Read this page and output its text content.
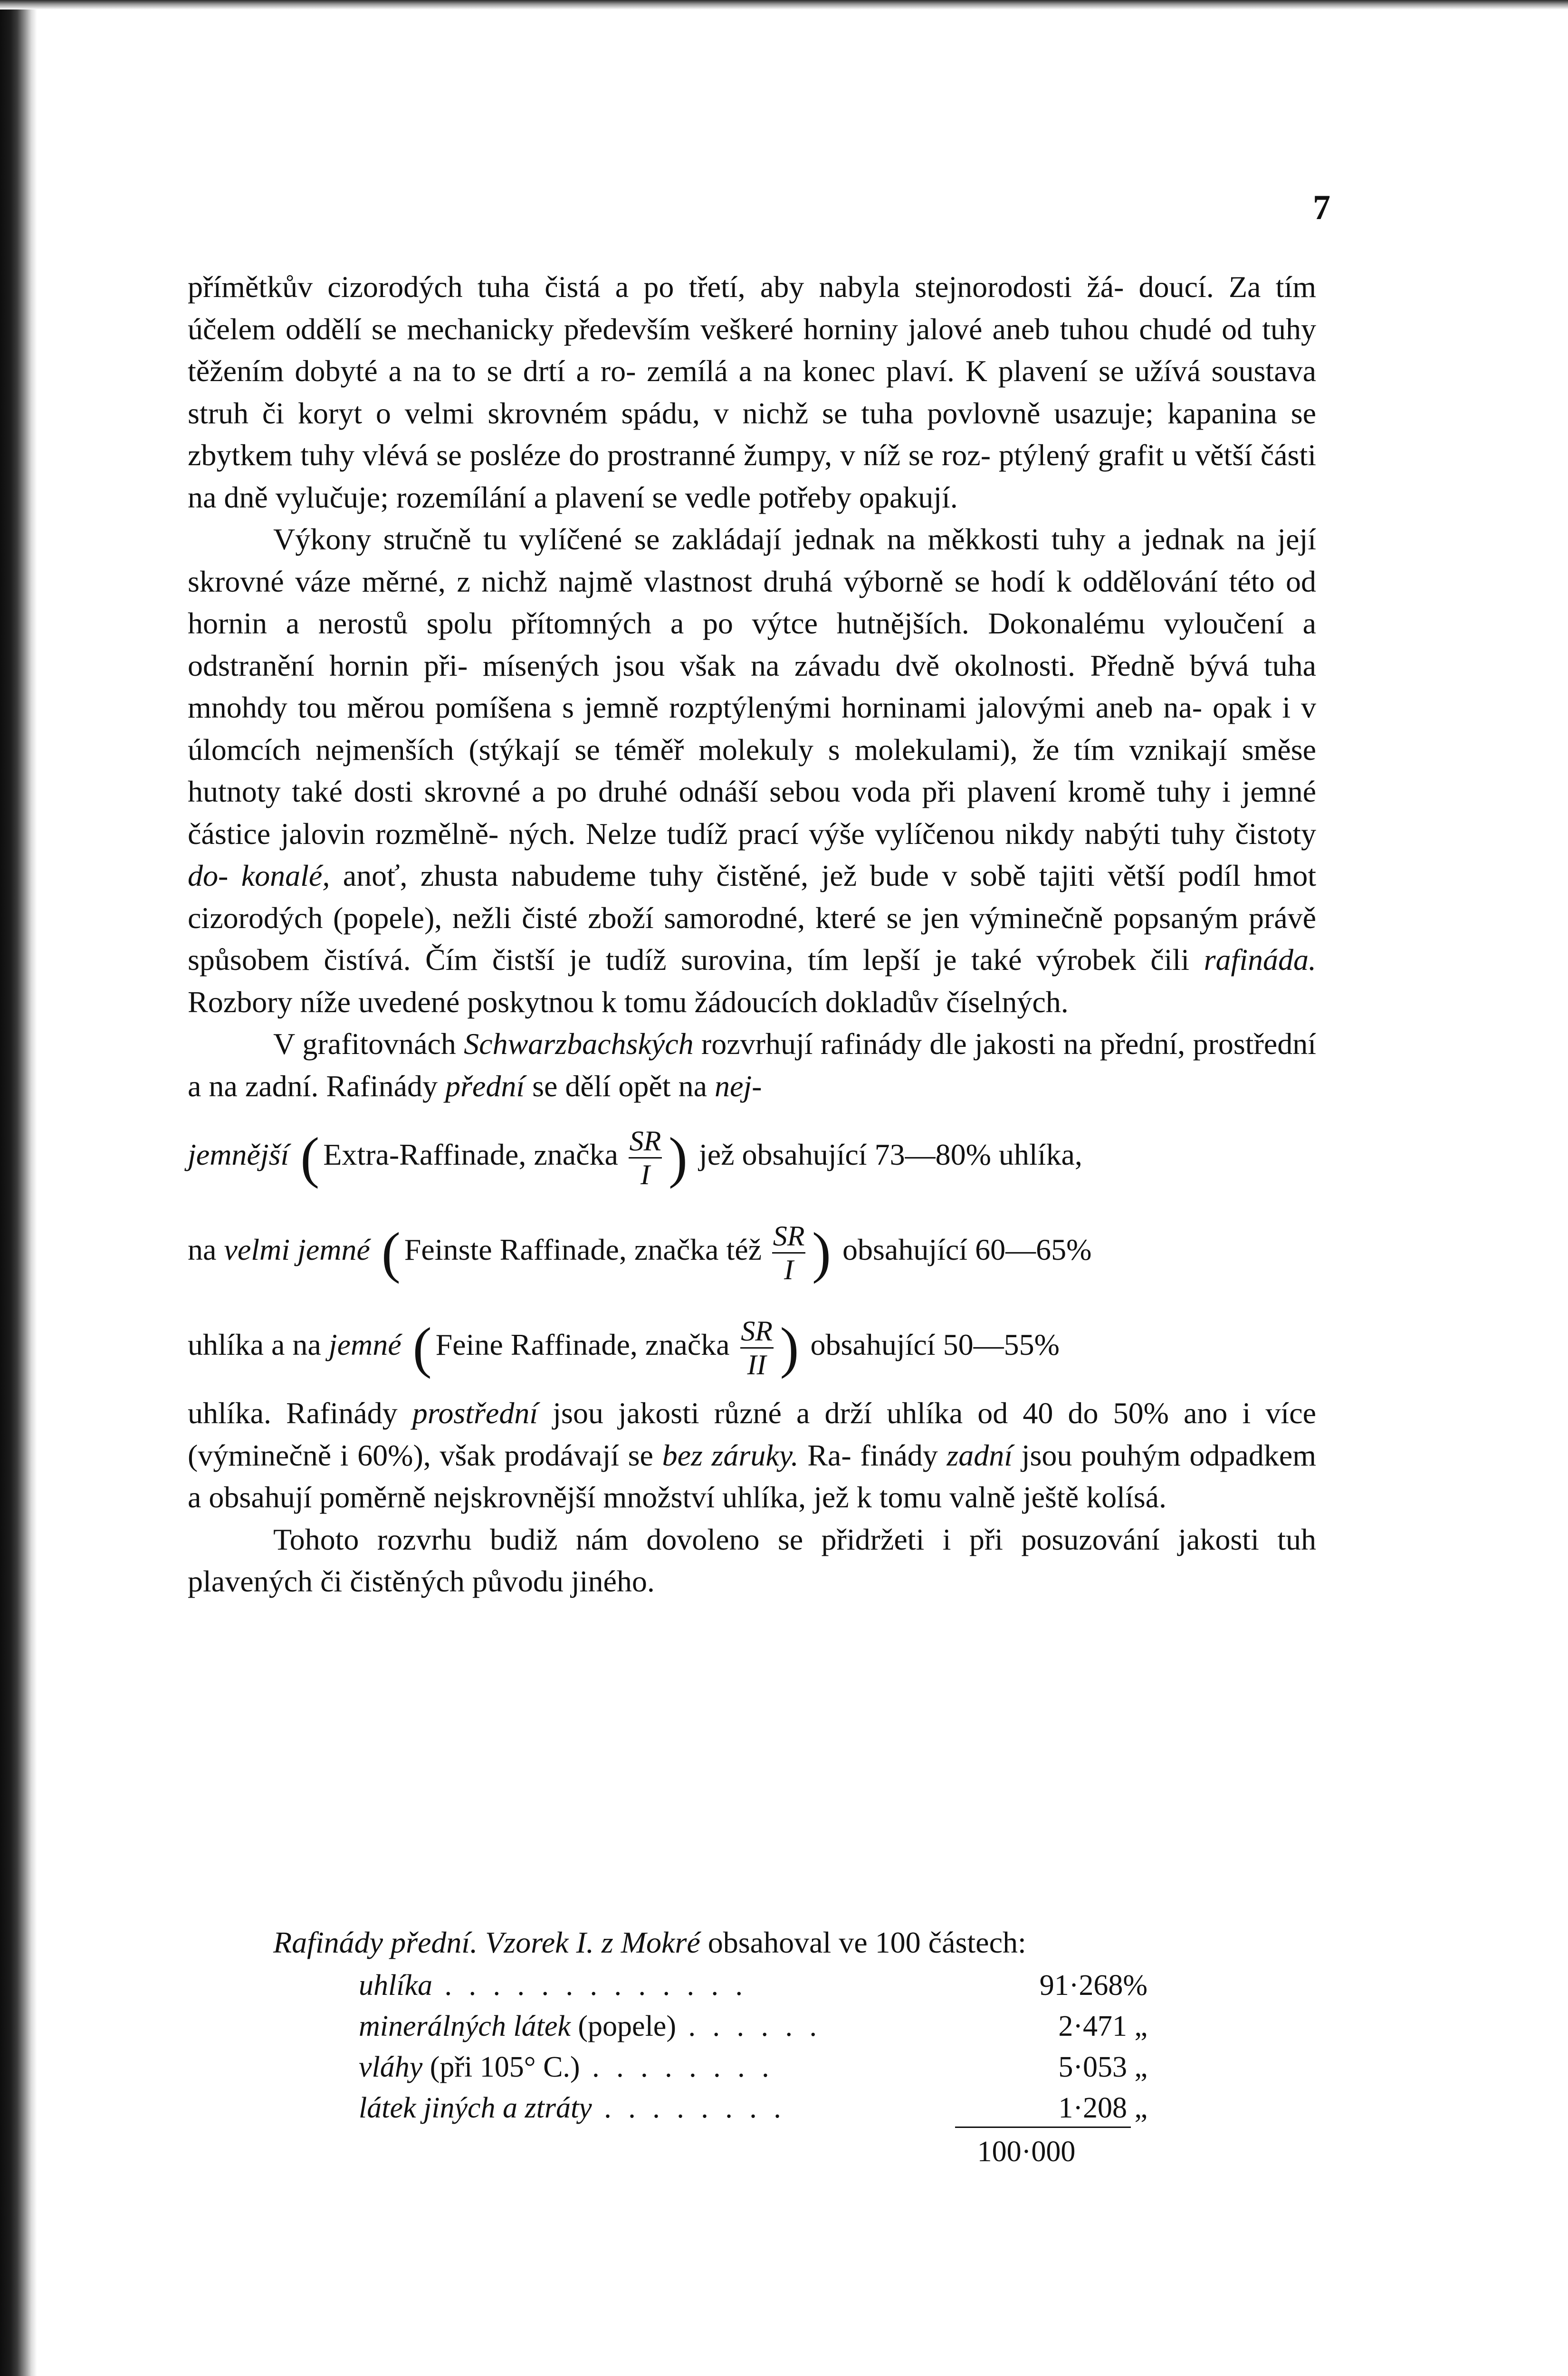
7

přímětkův cizorodých tuha čistá a po třetí, aby nabyla stejnorodosti žá- doucí. Za tím účelem oddělí se mechanicky především veškeré horniny jalové aneb tuhou chudé od tuhy těžením dobyté a na to se drtí a ro- zemílá a na konec plaví. K plavení se užívá soustava struh či koryt o velmi skrovném spádu, v nichž se tuha povlovně usazuje; kapanina se zbytkem tuhy vlévá se posléze do prostranné žumpy, v níž se roz- ptýlený grafit u větší části na dně vylučuje; rozemílání a plavení se vedle potřeby opakují.

Výkony stručně tu vylíčené se zakládají jednak na měkkosti tuhy a jednak na její skrovné váze měrné, z nichž najmě vlastnost druhá výborně se hodí k oddělování této od hornin a nerostů spolu přítomných a po výtce hutnějších. Dokonalému vyloučení a odstranění hornin při- mísených jsou však na závadu dvě okolnosti. Předně bývá tuha mnohdy tou měrou pomíšena s jemně rozptýlenými horninami jalovými aneb na- opak i v úlomcích nejmenších (stýkají se téměř molekuly s molekulami), že tím vznikají směse hutnoty také dosti skrovné a po druhé odnáší sebou voda při plavení kromě tuhy i jemné částice jalovin rozmělně- ných. Nelze tudíž prací výše vylíčenou nikdy nabýti tuhy čistoty do- konalé, anoť, zhusta nabudeme tuhy čistěné, jež bude v sobě tajiti větší podíl hmot cizorodých (popele), nežli čisté zboží samorodné, které se jen výminečně popsaným právě spůsobem čistívá. Čím čistší je tudíž surovina, tím lepší je také výrobek čili rafináda. Rozbory níže uvedené poskytnou k tomu žádoucích dokladův číselných.

V grafitovnách Schwarzbachských rozvrhují rafinády dle jakosti na přední, prostřední a na zadní. Rafinády přední se dělí opět na nej-

jemnější ( Extra-Raffinade, značka $\frac{SR}{I}$ ) jež obsahující 73—80% uhlíka,

na velmi jemné ( Feinste Raffinade, značka též $\frac{SR}{I}$ ) obsahující 60—65%

uhlíka a na jemné ( Feine Raffinade, značka $\frac{SR}{II}$ ) obsahující 50—55%

uhlíka. Rafinády prostřední jsou jakosti různé a drží uhlíka od 40 do 50% ano i více (výminečně i 60%), však prodávají se bez záruky. Ra- finády zadní jsou pouhým odpadkem a obsahují poměrně nejskrovnější množství uhlíka, jež k tomu valně ještě kolísá.

Tohoto rozvrhu budiž nám dovoleno se přidržeti i při posuzování jakosti tuh plavených či čistěných původu jiného.

Rafinády přední. Vzorek I. z Mokré obsahoval ve 100 částech:
uhlíka . . . . . . . . . . . . .	91·268%
minerálných látek (popele) . . . . . .	2·471 „
vláhy (při 105° C.) . . . . . . . .	5·053 „
látek jiných a ztráty . . . . . . . .	1·208 „
100·000
